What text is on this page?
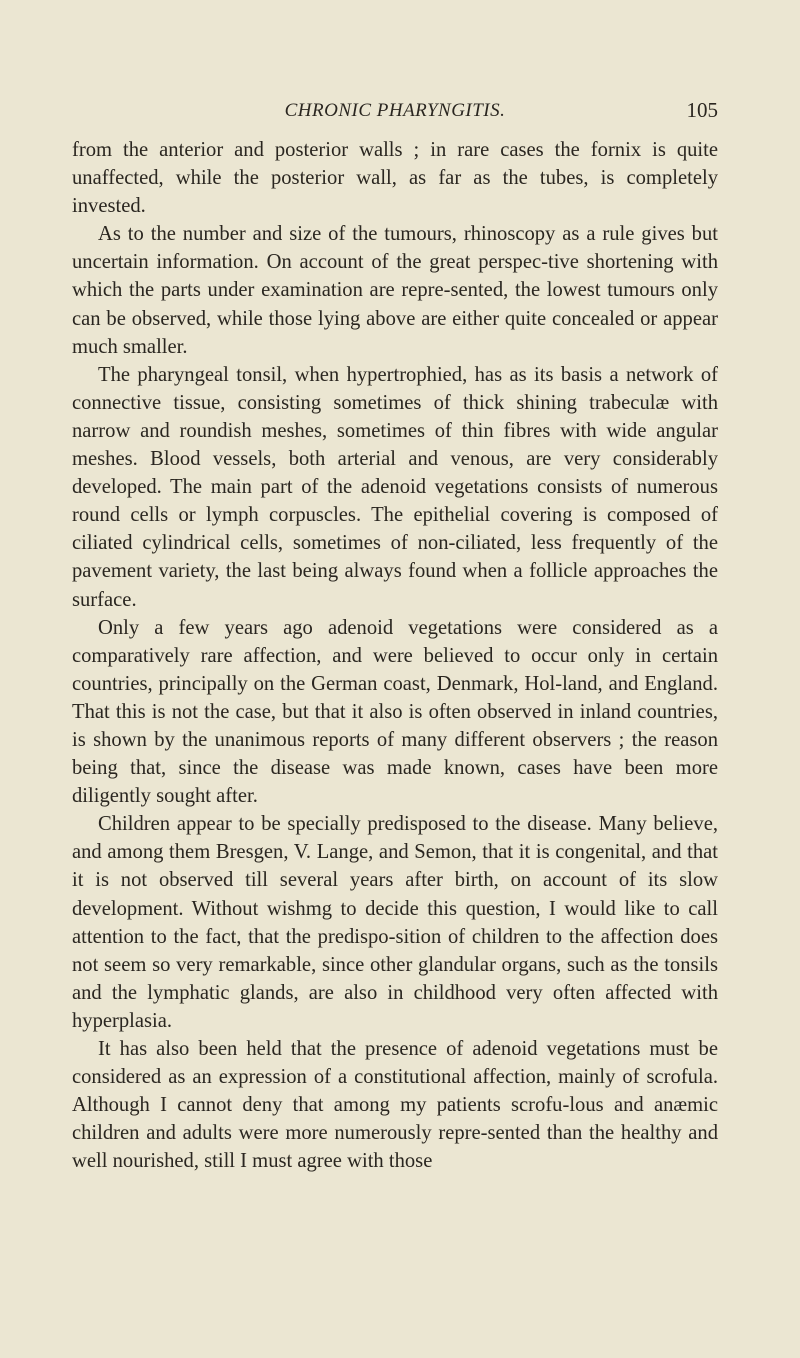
CHRONIC PHARYNGITIS.	105

from the anterior and posterior walls ; in rare cases the fornix is quite unaffected, while the posterior wall, as far as the tubes, is completely invested.

As to the number and size of the tumours, rhinoscopy as a rule gives but uncertain information. On account of the great perspec-tive shortening with which the parts under examination are repre-sented, the lowest tumours only can be observed, while those lying above are either quite concealed or appear much smaller.

The pharyngeal tonsil, when hypertrophied, has as its basis a network of connective tissue, consisting sometimes of thick shining trabeculæ with narrow and roundish meshes, sometimes of thin fibres with wide angular meshes. Blood vessels, both arterial and venous, are very considerably developed. The main part of the adenoid vegetations consists of numerous round cells or lymph corpuscles. The epithelial covering is composed of ciliated cylindrical cells, sometimes of non-ciliated, less frequently of the pavement variety, the last being always found when a follicle approaches the surface.

Only a few years ago adenoid vegetations were considered as a comparatively rare affection, and were believed to occur only in certain countries, principally on the German coast, Denmark, Hol-land, and England. That this is not the case, but that it also is often observed in inland countries, is shown by the unanimous reports of many different observers ; the reason being that, since the disease was made known, cases have been more diligently sought after.

Children appear to be specially predisposed to the disease. Many believe, and among them Bresgen, V. Lange, and Semon, that it is congenital, and that it is not observed till several years after birth, on account of its slow development. Without wishmg to decide this question, I would like to call attention to the fact, that the predispo-sition of children to the affection does not seem so very remarkable, since other glandular organs, such as the tonsils and the lymphatic glands, are also in childhood very often affected with hyperplasia.

It has also been held that the presence of adenoid vegetations must be considered as an expression of a constitutional affection, mainly of scrofula. Although I cannot deny that among my patients scrofu-lous and anæmic children and adults were more numerously repre-sented than the healthy and well nourished, still I must agree with those
